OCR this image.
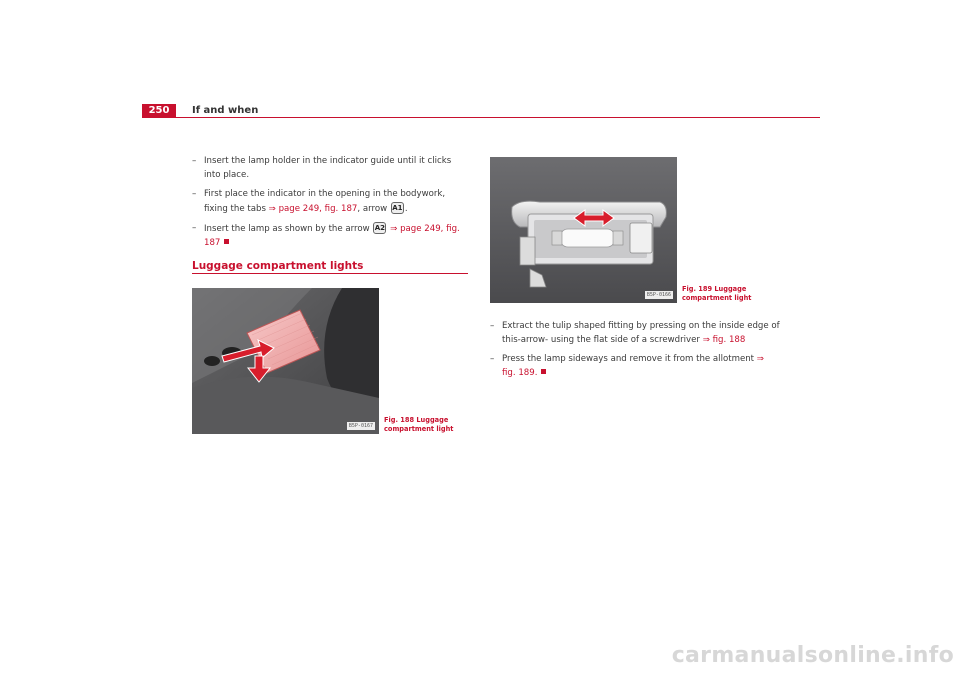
250	If and when
– Insert the lamp holder in the indicator guide until it clicks into place.
– First place the indicator in the opening in the bodywork, fixing the tabs ⇒ page 249, fig. 187, arrow A1 .
– Insert the lamp as shown by the arrow A2 ⇒ page 249, fig. 187
Luggage compartment lights
B5P-0167
Fig. 188 Luggage compartment light
B5P-0166
Fig. 189 Luggage compartment light
– Extract the tulip shaped fitting by pressing on the inside edge of this-arrow- using the flat side of a screwdriver ⇒ fig. 188
– Press the lamp sideways and remove it from the allotment ⇒ fig. 189.
carmanualsonline.info
